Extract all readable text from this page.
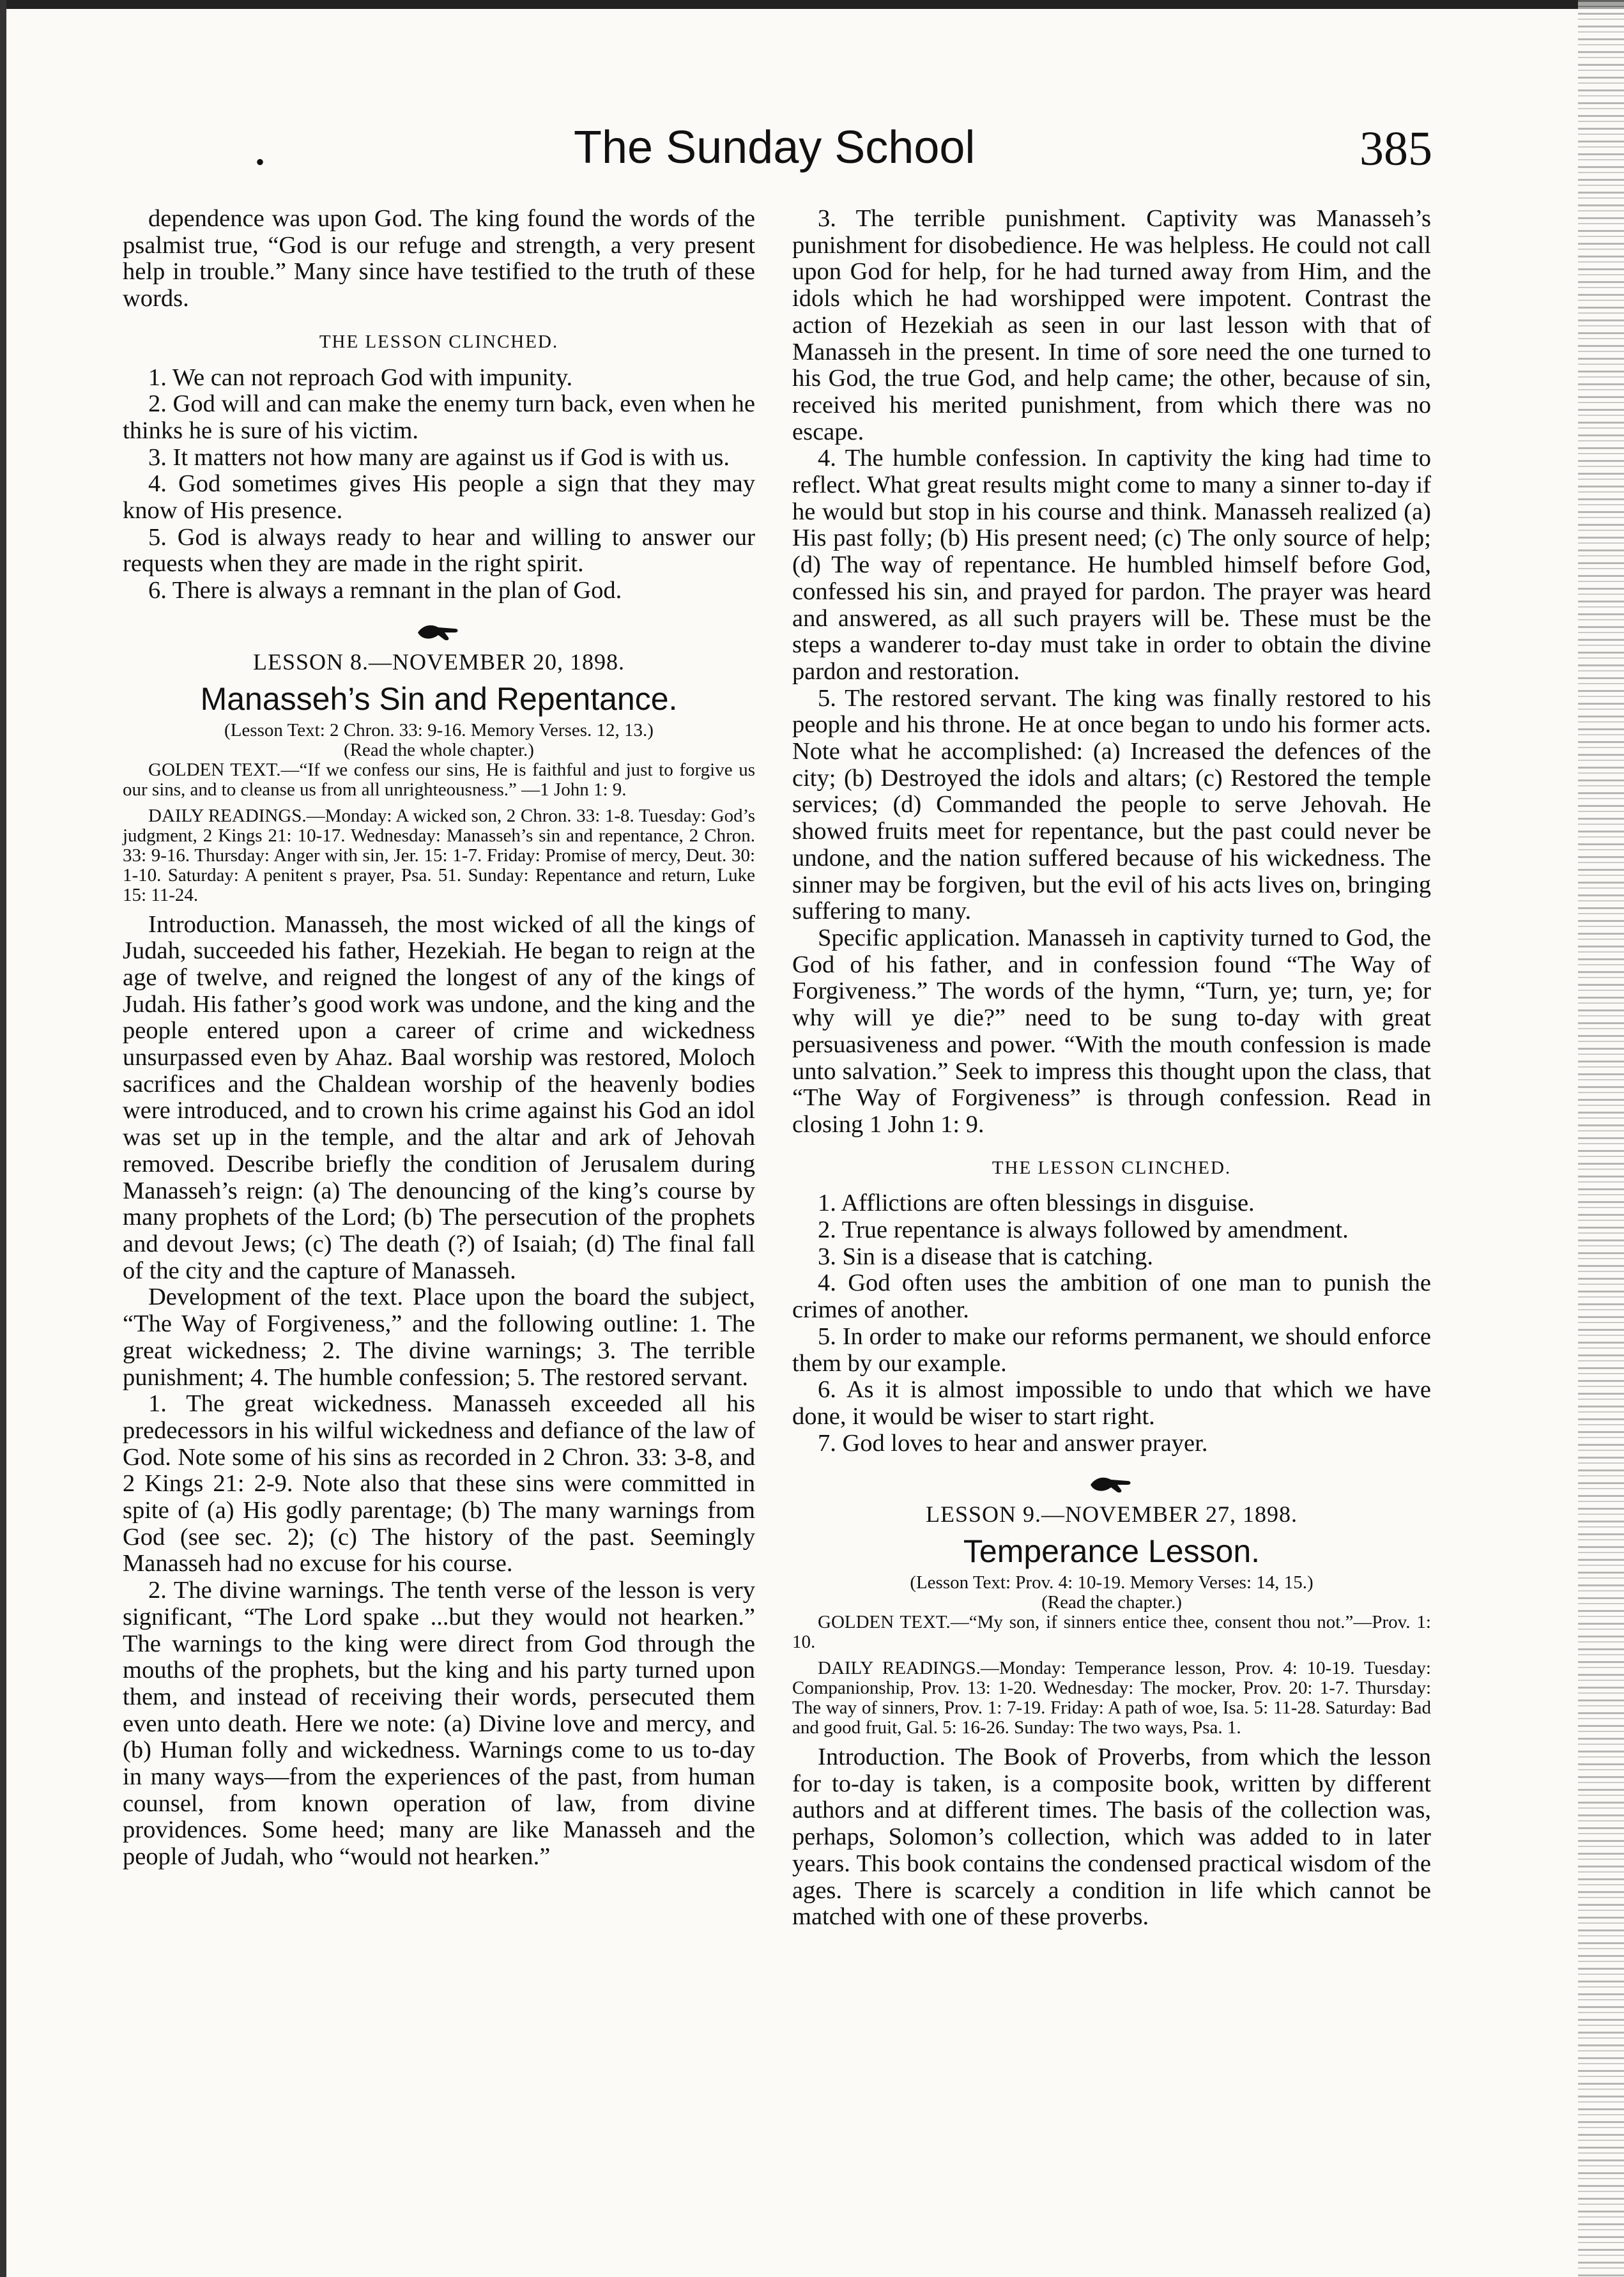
•	The Sunday School	385

dependence was upon God. The king found the words of the psalmist true, “God is our refuge and strength, a very present help in trouble.” Many since have testified to the truth of these words.

THE LESSON CLINCHED.

1. We can not reproach God with impunity.

2. God will and can make the enemy turn back, even when he thinks he is sure of his victim.

3. It matters not how many are against us if God is with us.

4. God sometimes gives His people a sign that they may know of His presence.

5. God is always ready to hear and willing to answer our requests when they are made in the right spirit.

6. There is always a remnant in the plan of God.

LESSON 8.—NOVEMBER 20, 1898.
Manasseh’s Sin and Repentance.
(Lesson Text: 2 Chron. 33: 9-16. Memory Verses. 12, 13.)
(Read the whole chapter.)

GOLDEN TEXT.—“If we confess our sins, He is faithful and just to forgive us our sins, and to cleanse us from all unrighteousness.” —1 John 1: 9.

DAILY READINGS.—Monday: A wicked son, 2 Chron. 33: 1-8. Tuesday: God’s judgment, 2 Kings 21: 10-17. Wednesday: Manasseh’s sin and repentance, 2 Chron. 33: 9-16. Thursday: Anger with sin, Jer. 15: 1-7. Friday: Promise of mercy, Deut. 30: 1-10. Saturday: A penitent s prayer, Psa. 51. Sunday: Repentance and return, Luke 15: 11-24.

Introduction. Manasseh, the most wicked of all the kings of Judah, succeeded his father, Hezekiah. He began to reign at the age of twelve, and reigned the longest of any of the kings of Judah. His father’s good work was undone, and the king and the people entered upon a career of crime and wickedness unsurpassed even by Ahaz. Baal worship was restored, Moloch sacrifices and the Chaldean worship of the heavenly bodies were introduced, and to crown his crime against his God an idol was set up in the temple, and the altar and ark of Jehovah removed. Describe briefly the condition of Jerusalem during Manasseh’s reign: (a) The denouncing of the king’s course by many prophets of the Lord; (b) The persecution of the prophets and devout Jews; (c) The death (?) of Isaiah; (d) The final fall of the city and the capture of Manasseh.

Development of the text. Place upon the board the subject, “The Way of Forgiveness,” and the following outline: 1. The great wickedness; 2. The divine warnings; 3. The terrible punishment; 4. The humble confession; 5. The restored servant.

1. The great wickedness. Manasseh exceeded all his predecessors in his wilful wickedness and defiance of the law of God. Note some of his sins as recorded in 2 Chron. 33: 3-8, and 2 Kings 21: 2-9. Note also that these sins were committed in spite of (a) His godly parentage; (b) The many warnings from God (see sec. 2); (c) The history of the past. Seemingly Manasseh had no excuse for his course.

2. The divine warnings. The tenth verse of the lesson is very significant, “The Lord spake ...but they would not hearken.” The warnings to the king were direct from God through the mouths of the prophets, but the king and his party turned upon them, and instead of receiving their words, persecuted them even unto death. Here we note: (a) Divine love and mercy, and (b) Human folly and wickedness. Warnings come to us to-day in many ways—from the experiences of the past, from human counsel, from known operation of law, from divine providences. Some heed; many are like Manasseh and the people of Judah, who “would not hearken.”

3. The terrible punishment. Captivity was Manasseh’s punishment for disobedience. He was helpless. He could not call upon God for help, for he had turned away from Him, and the idols which he had worshipped were impotent. Contrast the action of Hezekiah as seen in our last lesson with that of Manasseh in the present. In time of sore need the one turned to his God, the true God, and help came; the other, because of sin, received his merited punishment, from which there was no escape.

4. The humble confession. In captivity the king had time to reflect. What great results might come to many a sinner to-day if he would but stop in his course and think. Manasseh realized (a) His past folly; (b) His present need; (c) The only source of help; (d) The way of repentance. He humbled himself before God, confessed his sin, and prayed for pardon. The prayer was heard and answered, as all such prayers will be. These must be the steps a wanderer to-day must take in order to obtain the divine pardon and restoration.

5. The restored servant. The king was finally restored to his people and his throne. He at once began to undo his former acts. Note what he accomplished: (a) Increased the defences of the city; (b) Destroyed the idols and altars; (c) Restored the temple services; (d) Commanded the people to serve Jehovah. He showed fruits meet for repentance, but the past could never be undone, and the nation suffered because of his wickedness. The sinner may be forgiven, but the evil of his acts lives on, bringing suffering to many.

Specific application. Manasseh in captivity turned to God, the God of his father, and in confession found “The Way of Forgiveness.” The words of the hymn, “Turn, ye; turn, ye; for why will ye die?” need to be sung to-day with great persuasiveness and power. “With the mouth confession is made unto salvation.” Seek to impress this thought upon the class, that “The Way of Forgiveness” is through confession. Read in closing 1 John 1: 9.

THE LESSON CLINCHED.

1. Afflictions are often blessings in disguise.

2. True repentance is always followed by amendment.

3. Sin is a disease that is catching.

4. God often uses the ambition of one man to punish the crimes of another.

5. In order to make our reforms permanent, we should enforce them by our example.

6. As it is almost impossible to undo that which we have done, it would be wiser to start right.

7. God loves to hear and answer prayer.

LESSON 9.—NOVEMBER 27, 1898.
Temperance Lesson.
(Lesson Text: Prov. 4: 10-19. Memory Verses: 14, 15.)
(Read the chapter.)

GOLDEN TEXT.—“My son, if sinners entice thee, consent thou not.”—Prov. 1: 10.

DAILY READINGS.—Monday: Temperance lesson, Prov. 4: 10-19. Tuesday: Companionship, Prov. 13: 1-20. Wednesday: The mocker, Prov. 20: 1-7. Thursday: The way of sinners, Prov. 1: 7-19. Friday: A path of woe, Isa. 5: 11-28. Saturday: Bad and good fruit, Gal. 5: 16-26. Sunday: The two ways, Psa. 1.

Introduction. The Book of Proverbs, from which the lesson for to-day is taken, is a composite book, written by different authors and at different times. The basis of the collection was, perhaps, Solomon’s collection, which was added to in later years. This book contains the condensed practical wisdom of the ages. There is scarcely a condition in life which cannot be matched with one of these proverbs.
